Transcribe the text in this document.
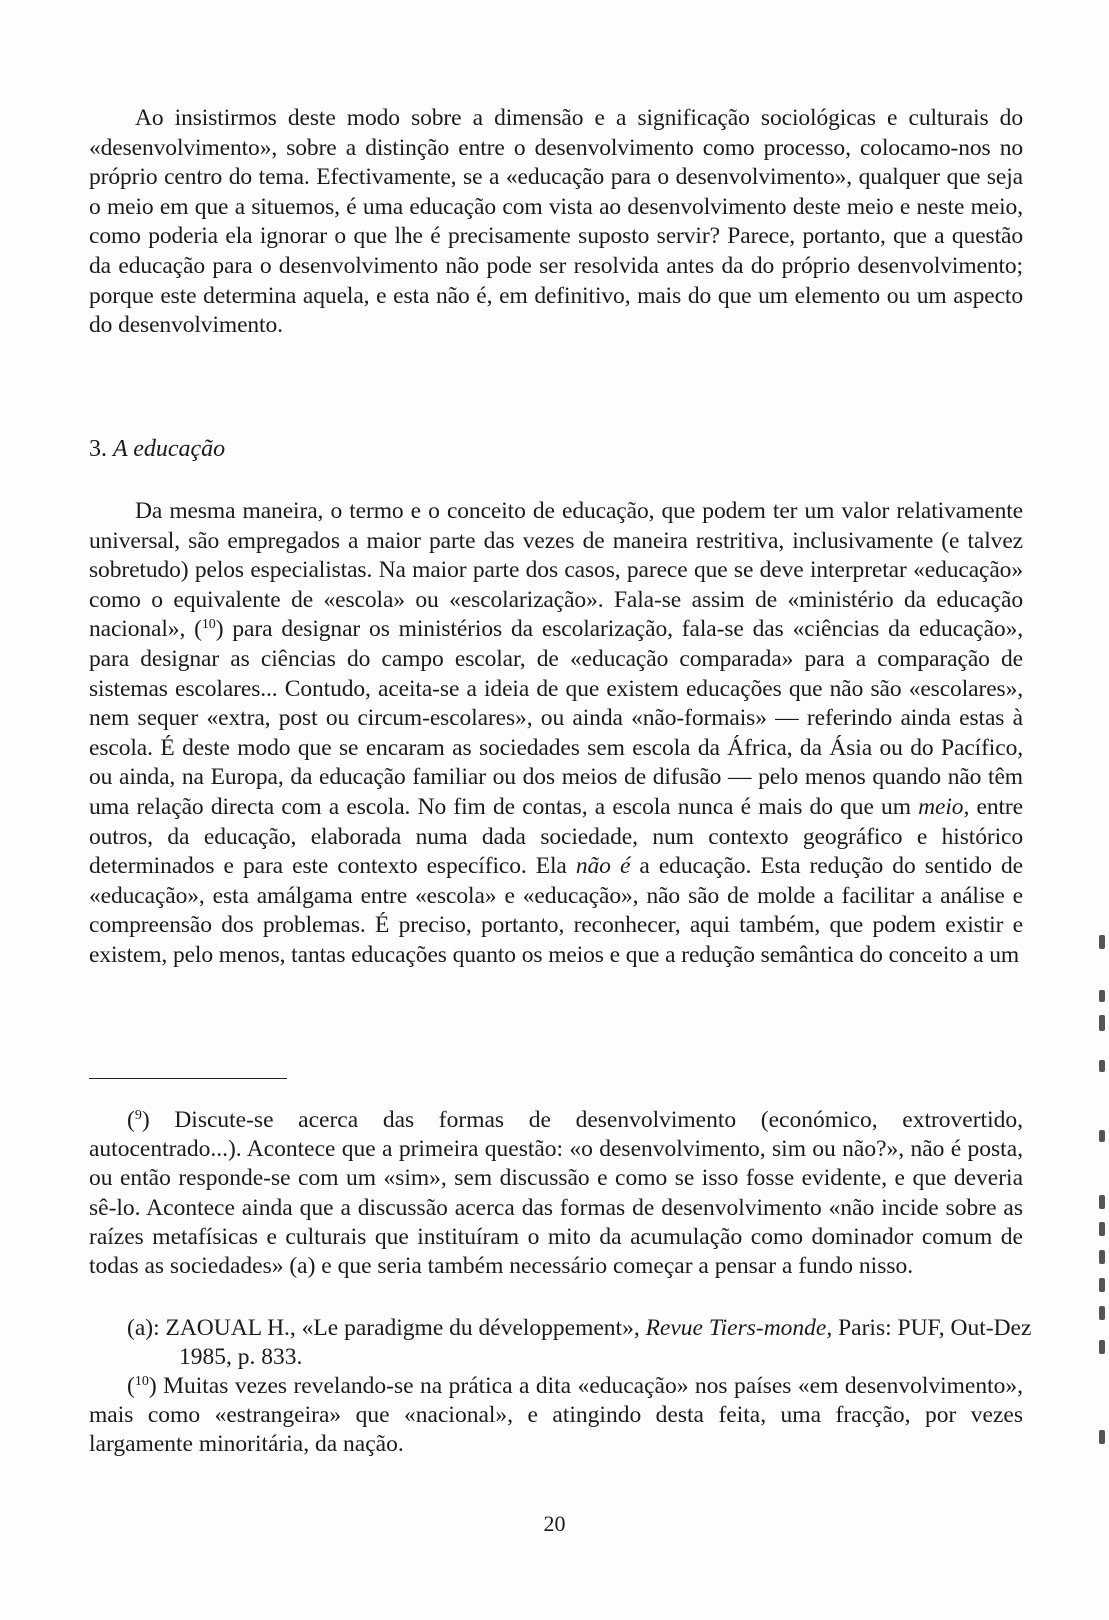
Ao insistirmos deste modo sobre a dimensão e a significação sociológicas e culturais do «desenvolvimento», sobre a distinção entre o desenvolvimento como processo, colocamo-nos no próprio centro do tema. Efectivamente, se a «educação para o desenvolvimento», qualquer que seja o meio em que a situemos, é uma educação com vista ao desenvolvimento deste meio e neste meio, como poderia ela ignorar o que lhe é precisamente suposto servir? Parece, portanto, que a questão da educação para o desenvolvimento não pode ser resolvida antes da do próprio desenvolvimento; porque este determina aquela, e esta não é, em definitivo, mais do que um elemento ou um aspecto do desenvolvimento.

3. A educação

Da mesma maneira, o termo e o conceito de educação, que podem ter um valor relativamente universal, são empregados a maior parte das vezes de maneira restritiva, inclusivamente (e talvez sobretudo) pelos especialistas. Na maior parte dos casos, parece que se deve interpretar «educação» como o equivalente de «escola» ou «escolarização». Fala-se assim de «ministério da educação nacional», ($^{10}$) para designar os ministérios da escolarização, fala-se das «ciências da educação», para designar as ciências do campo escolar, de «educação comparada» para a comparação de sistemas escolares... Contudo, aceita-se a ideia de que existem educações que não são «escolares», nem sequer «extra, post ou circum-escolares», ou ainda «não-formais» — referindo ainda estas à escola. É deste modo que se encaram as sociedades sem escola da África, da Ásia ou do Pacífico, ou ainda, na Europa, da educação familiar ou dos meios de difusão — pelo menos quando não têm uma relação directa com a escola. No fim de contas, a escola nunca é mais do que um meio, entre outros, da educação, elaborada numa dada sociedade, num contexto geográfico e histórico determinados e para este contexto específico. Ela não é a educação. Esta redução do sentido de «educação», esta amálgama entre «escola» e «educação», não são de molde a facilitar a análise e compreensão dos problemas. É preciso, portanto, reconhecer, aqui também, que podem existir e existem, pelo menos, tantas educações quanto os meios e que a redução semântica do conceito a um

($^9$) Discute-se acerca das formas de desenvolvimento (económico, extrovertido, autocentrado...). Acontece que a primeira questão: «o desenvolvimento, sim ou não?», não é posta, ou então responde-se com um «sim», sem discussão e como se isso fosse evidente, e que deveria sê-lo. Acontece ainda que a discussão acerca das formas de desenvolvimento «não incide sobre as raízes metafísicas e culturais que instituíram o mito da acumulação como dominador comum de todas as sociedades» (a) e que seria também necessário começar a pensar a fundo nisso.

(a): ZAOUAL H., «Le paradigme du développement», Revue Tiers-monde, Paris: PUF, Out-Dez 1985, p. 833.

($^{10}$) Muitas vezes revelando-se na prática a dita «educação» nos países «em desenvolvimento», mais como «estrangeira» que «nacional», e atingindo desta feita, uma fracção, por vezes largamente minoritária, da nação.

20
